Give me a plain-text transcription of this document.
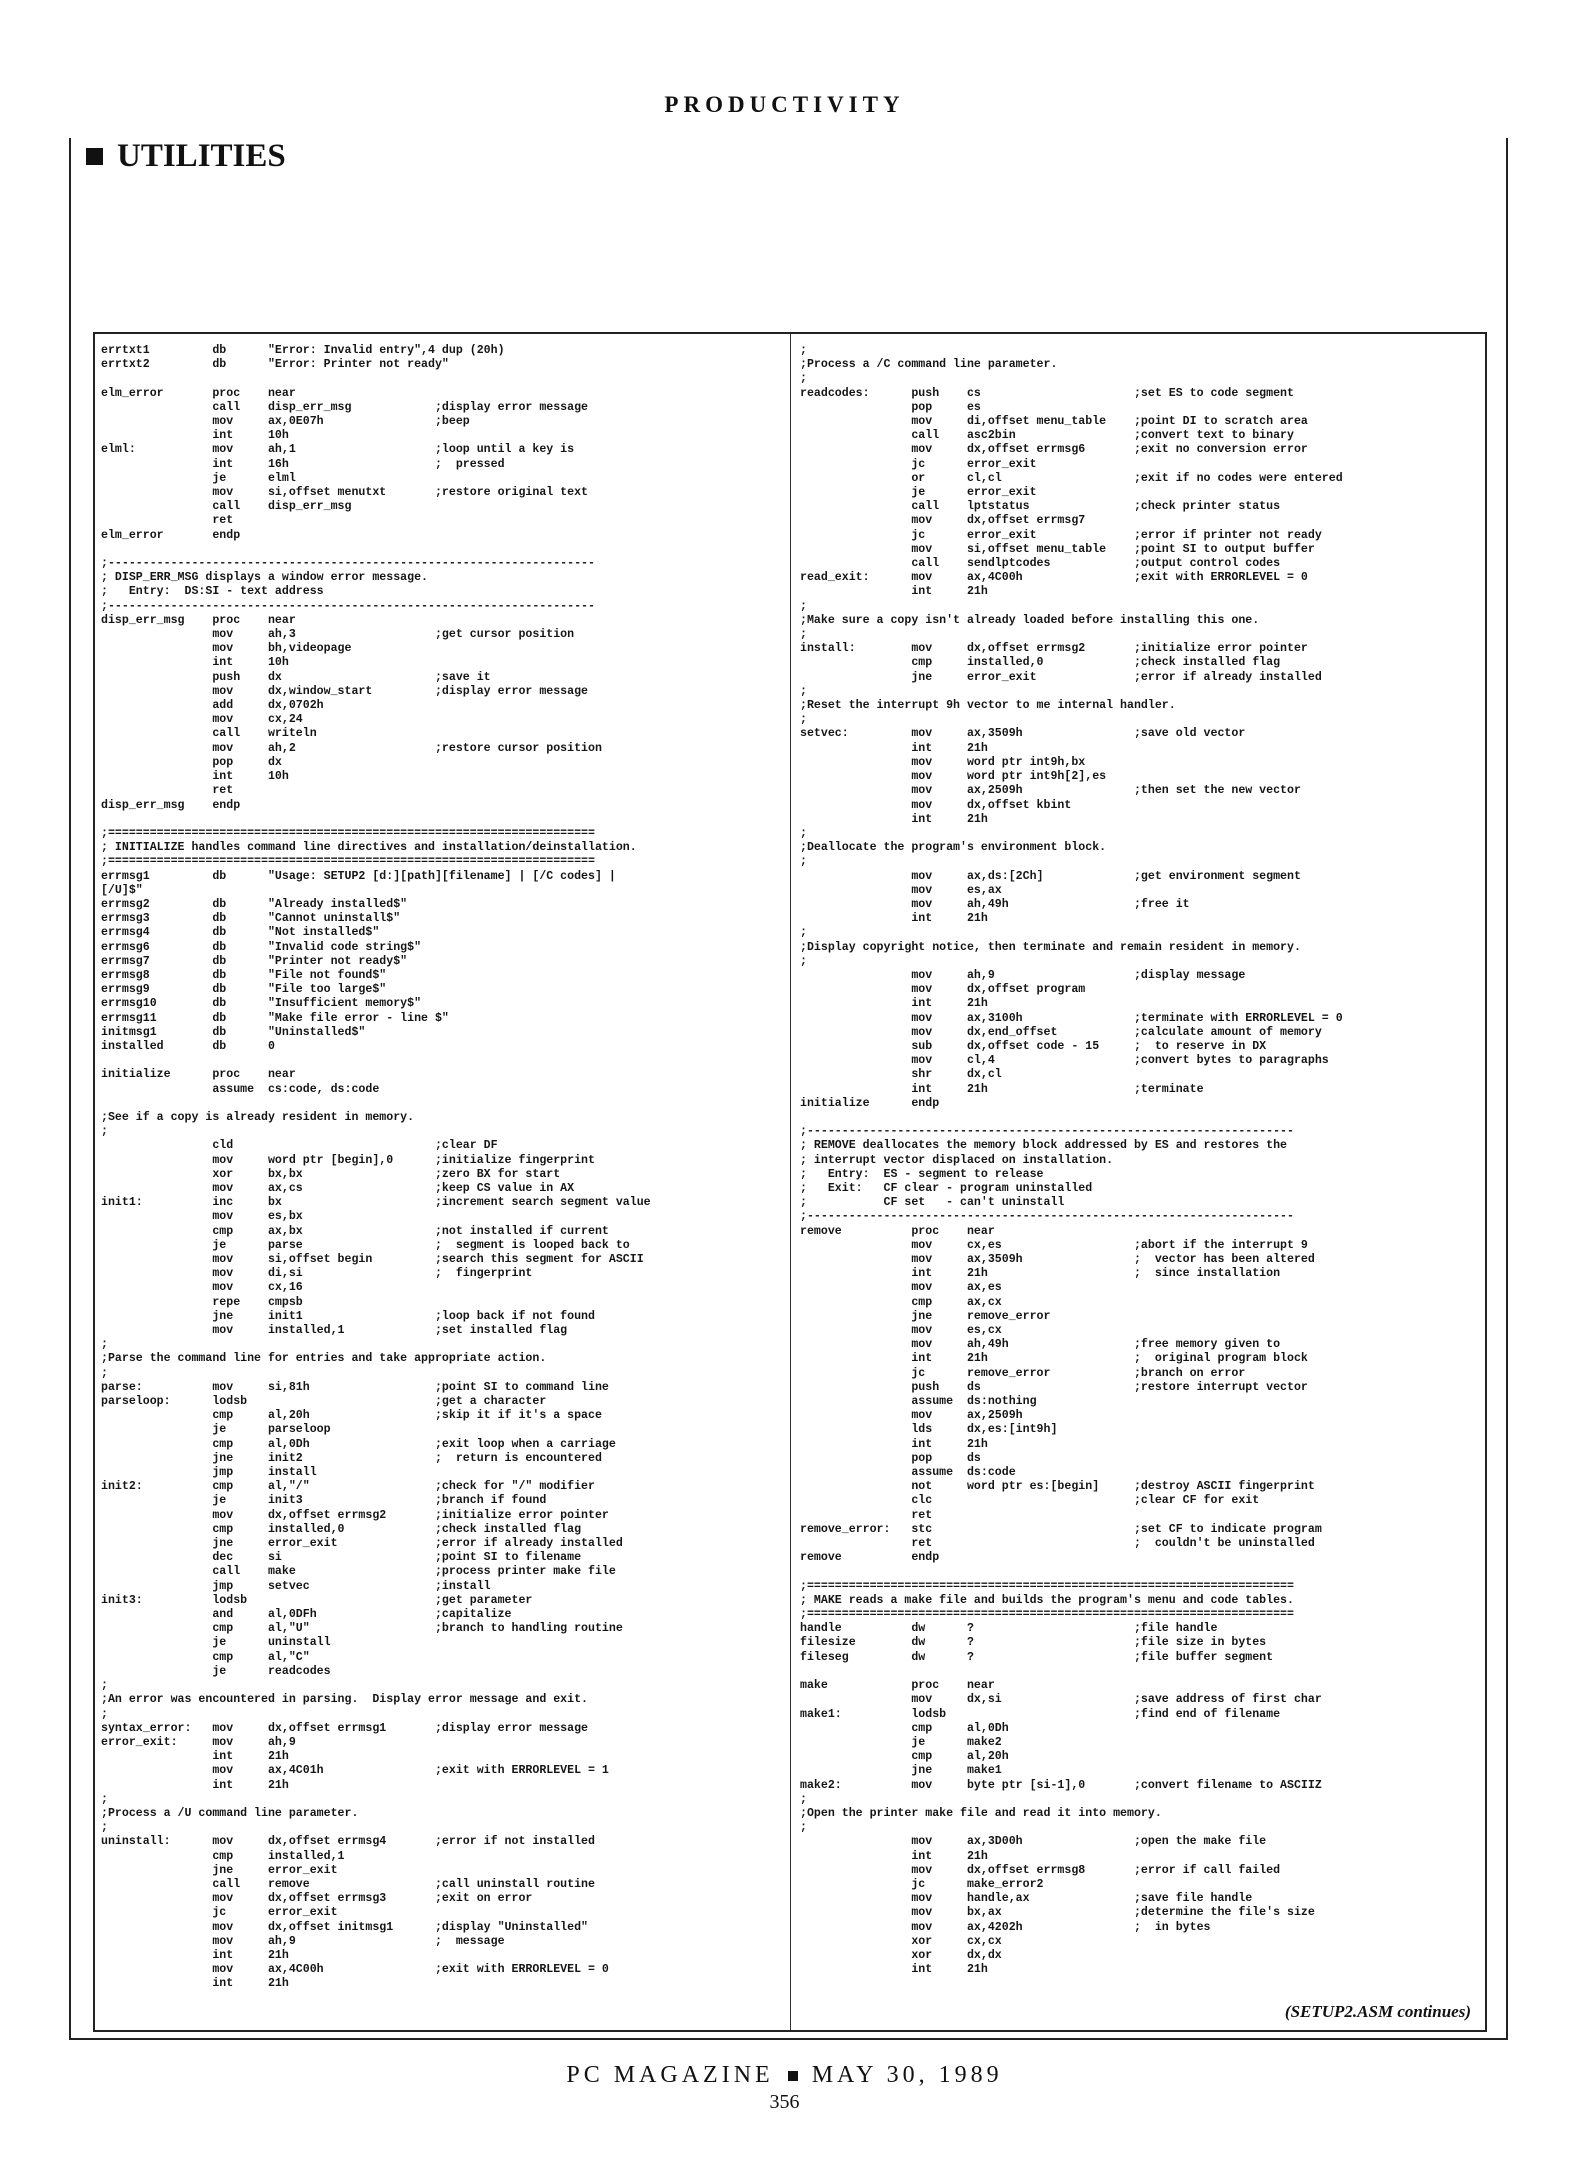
PRODUCTIVITY
UTILITIES
errtxt1         db      "Error: Invalid entry",4 dup (20h)
errtxt2         db      "Error: Printer not ready"

elm_error       proc    near
call    disp_err_msg            ;display error message
mov     ax,0E07h                ;beep
int     10h
elml:           mov     ah,1                    ;loop until a key is
int     16h                     ;  pressed
je      elml
mov     si,offset menutxt       ;restore original text
call    disp_err_msg
ret
elm_error       endp

;----------------------------------------------------------------------
; DISP_ERR_MSG displays a window error message.
;   Entry:  DS:SI - text address
;----------------------------------------------------------------------
disp_err_msg    proc    near
mov     ah,3                    ;get cursor position
mov     bh,videopage
int     10h
push    dx                      ;save it
mov     dx,window_start         ;display error message
add     dx,0702h
mov     cx,24
call    writeln
mov     ah,2                    ;restore cursor position
pop     dx
int     10h
ret
disp_err_msg    endp

;======================================================================
; INITIALIZE handles command line directives and installation/deinstallation.
;======================================================================
errmsg1         db      "Usage: SETUP2 [d:][path][filename] | [/C codes] |
[/U]$"
errmsg2         db      "Already installed$"
errmsg3         db      "Cannot uninstall$"
errmsg4         db      "Not installed$"
errmsg6         db      "Invalid code string$"
errmsg7         db      "Printer not ready$"
errmsg8         db      "File not found$"
errmsg9         db      "File too large$"
errmsg10        db      "Insufficient memory$"
errmsg11        db      "Make file error - line $"
initmsg1        db      "Uninstalled$"
installed       db      0

initialize      proc    near
assume  cs:code, ds:code

;See if a copy is already resident in memory.
;
cld                             ;clear DF
mov     word ptr [begin],0      ;initialize fingerprint
xor     bx,bx                   ;zero BX for start
mov     ax,cs                   ;keep CS value in AX
init1:          inc     bx                      ;increment search segment value
mov     es,bx
cmp     ax,bx                   ;not installed if current
je      parse                   ;  segment is looped back to
mov     si,offset begin         ;search this segment for ASCII
mov     di,si                   ;  fingerprint
mov     cx,16
repe    cmpsb
jne     init1                   ;loop back if not found
mov     installed,1             ;set installed flag
;
;Parse the command line for entries and take appropriate action.
;
parse:          mov     si,81h                  ;point SI to command line
parseloop:      lodsb                           ;get a character
cmp     al,20h                  ;skip it if it's a space
je      parseloop
cmp     al,0Dh                  ;exit loop when a carriage
jne     init2                   ;  return is encountered
jmp     install
init2:          cmp     al,"/"                  ;check for "/" modifier
je      init3                   ;branch if found
mov     dx,offset errmsg2       ;initialize error pointer
cmp     installed,0             ;check installed flag
jne     error_exit              ;error if already installed
dec     si                      ;point SI to filename
call    make                    ;process printer make file
jmp     setvec                  ;install
init3:          lodsb                           ;get parameter
and     al,0DFh                 ;capitalize
cmp     al,"U"                  ;branch to handling routine
je      uninstall
cmp     al,"C"
je      readcodes
;
;An error was encountered in parsing.  Display error message and exit.
;
syntax_error:   mov     dx,offset errmsg1       ;display error message
error_exit:     mov     ah,9
int     21h
mov     ax,4C01h                ;exit with ERRORLEVEL = 1
int     21h
;
;Process a /U command line parameter.
;
uninstall:      mov     dx,offset errmsg4       ;error if not installed
cmp     installed,1
jne     error_exit
call    remove                  ;call uninstall routine
mov     dx,offset errmsg3       ;exit on error
jc      error_exit
mov     dx,offset initmsg1      ;display "Uninstalled"
mov     ah,9                    ;  message
int     21h
mov     ax,4C00h                ;exit with ERRORLEVEL = 0
int     21h
;
;Process a /C command line parameter.
;
readcodes:      push    cs                      ;set ES to code segment
pop     es
mov     di,offset menu_table    ;point DI to scratch area
call    asc2bin                 ;convert text to binary
mov     dx,offset errmsg6       ;exit no conversion error
jc      error_exit
or      cl,cl                   ;exit if no codes were entered
je      error_exit
call    lptstatus               ;check printer status
mov     dx,offset errmsg7
jc      error_exit              ;error if printer not ready
mov     si,offset menu_table    ;point SI to output buffer
call    sendlptcodes            ;output control codes
read_exit:      mov     ax,4C00h                ;exit with ERRORLEVEL = 0
int     21h
;
;Make sure a copy isn't already loaded before installing this one.
;
install:        mov     dx,offset errmsg2       ;initialize error pointer
cmp     installed,0             ;check installed flag
jne     error_exit              ;error if already installed
;
;Reset the interrupt 9h vector to me internal handler.
;
setvec:         mov     ax,3509h                ;save old vector
int     21h
mov     word ptr int9h,bx
mov     word ptr int9h[2],es
mov     ax,2509h                ;then set the new vector
mov     dx,offset kbint
int     21h
;
;Deallocate the program's environment block.
;
mov     ax,ds:[2Ch]             ;get environment segment
mov     es,ax
mov     ah,49h                  ;free it
int     21h
;
;Display copyright notice, then terminate and remain resident in memory.
;
mov     ah,9                    ;display message
mov     dx,offset program
int     21h
mov     ax,3100h                ;terminate with ERRORLEVEL = 0
mov     dx,end_offset           ;calculate amount of memory
sub     dx,offset code - 15     ;  to reserve in DX
mov     cl,4                    ;convert bytes to paragraphs
shr     dx,cl
int     21h                     ;terminate
initialize      endp

;----------------------------------------------------------------------
; REMOVE deallocates the memory block addressed by ES and restores the
; interrupt vector displaced on installation.
;   Entry:  ES - segment to release
;   Exit:   CF clear - program uninstalled
;           CF set   - can't uninstall
;----------------------------------------------------------------------
remove          proc    near
mov     cx,es                   ;abort if the interrupt 9
mov     ax,3509h                ;  vector has been altered
int     21h                     ;  since installation
mov     ax,es
cmp     ax,cx
jne     remove_error
mov     es,cx
mov     ah,49h                  ;free memory given to
int     21h                     ;  original program block
jc      remove_error            ;branch on error
push    ds                      ;restore interrupt vector
assume  ds:nothing
mov     ax,2509h
lds     dx,es:[int9h]
int     21h
pop     ds
assume  ds:code
not     word ptr es:[begin]     ;destroy ASCII fingerprint
clc                             ;clear CF for exit
ret
remove_error:   stc                             ;set CF to indicate program
ret                             ;  couldn't be uninstalled
remove          endp

;======================================================================
; MAKE reads a make file and builds the program's menu and code tables.
;======================================================================
handle          dw      ?                       ;file handle
filesize        dw      ?                       ;file size in bytes
fileseg         dw      ?                       ;file buffer segment

make            proc    near
mov     dx,si                   ;save address of first char
make1:          lodsb                           ;find end of filename
cmp     al,0Dh
je      make2
cmp     al,20h
jne     make1
make2:          mov     byte ptr [si-1],0       ;convert filename to ASCIIZ
;
;Open the printer make file and read it into memory.
;
mov     ax,3D00h                ;open the make file
int     21h
mov     dx,offset errmsg8       ;error if call failed
jc      make_error2
mov     handle,ax               ;save file handle
mov     bx,ax                   ;determine the file's size
mov     ax,4202h                ;  in bytes
xor     cx,cx
xor     dx,dx
int     21h
(SETUP2.ASM continues)
PC MAGAZINE MAY 30, 1989
356
